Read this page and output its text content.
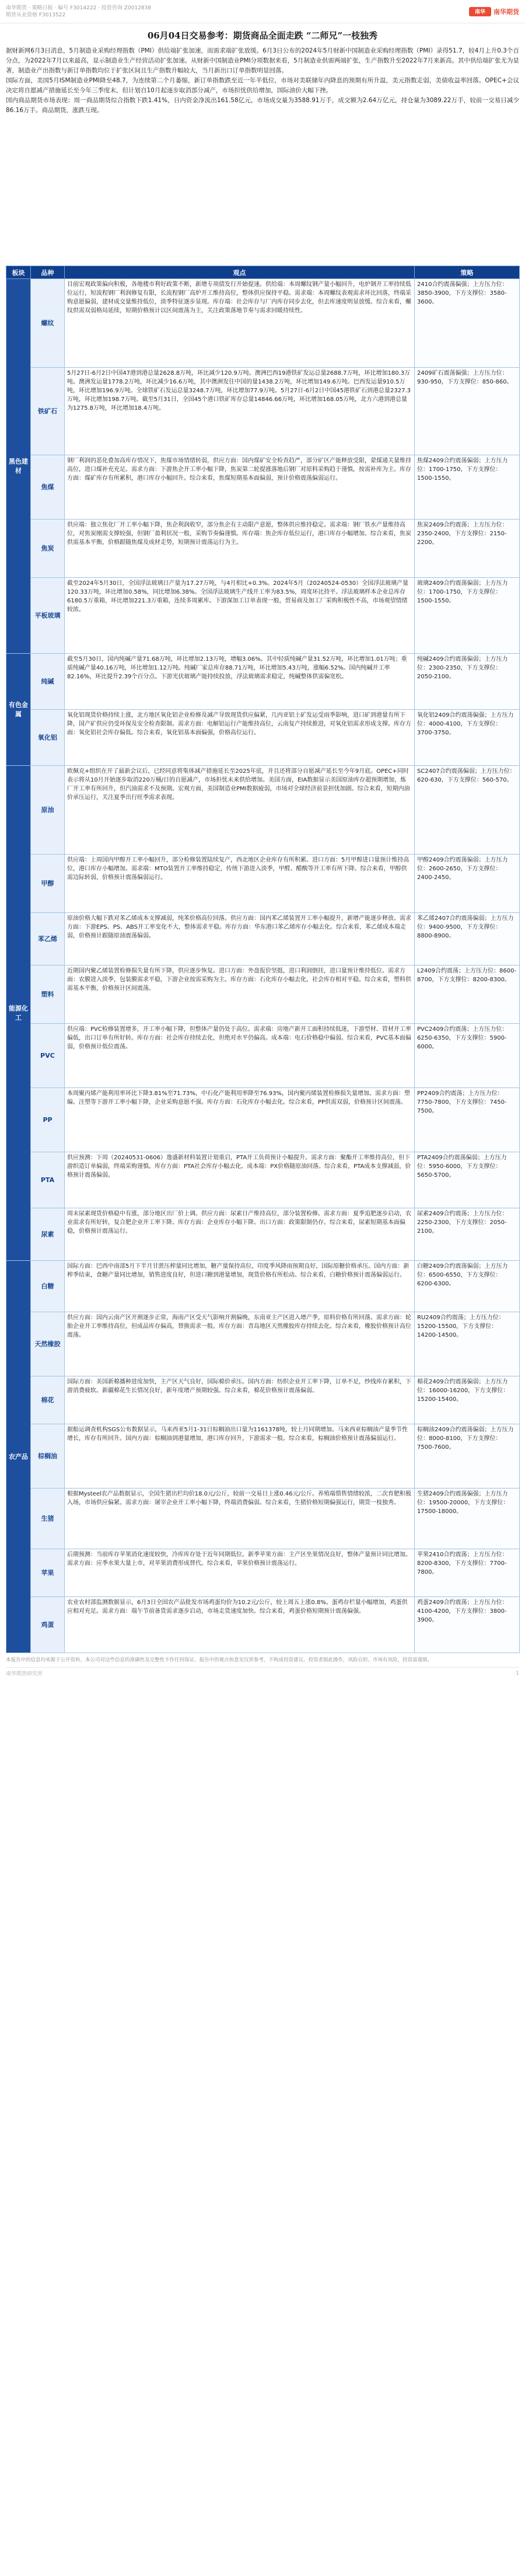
南华期货 · 策略日报 · 编号 F3014222 · 投资咨询 Z0012838
期货从业资格 F3013522	南华	南华期货
06月04日交易参考：期货商品全面走跌 “二师兄”一枝独秀

据财新网6月3日消息，5月制造业采购经理指数（PMI）供给端扩张加速，而需求端扩张放缓。6月3日公布的2024年5月财新中国制造业采购经理指数（PMI）录得51.7，较4月上升0.3个百分点，为2022年7月以来最高，显示制造业生产经营活动扩张加速。从财新中国制造业PMI分项数据来看，5月制造业供需两端扩张，生产指数升至2022年7月来新高。其中供给端扩张尤为显著，制造业产出指数与新订单指数均位于扩张区间且生产指数升幅较大，当月新出口订单指数明显回落。

国际方面，美国5月ISM制造业PMI降至48.7，为连续第二个月萎缩，新订单指数跌至近一年半低位，市场对美联储年内降息的预期有所升温，美元指数走弱，美债收益率回落。OPEC+会议决定将自愿减产措施延长至今年三季度末，但计划自10月起逐步取消部分减产，市场担忧供给增加，国际油价大幅下挫。

国内商品期货市场表现：周一商品期货综合指数下跌1.41%，日内资金净流出161.58亿元，市场成交量为3588.91万手，成交额为2.64万亿元，持仓量为3089.22万手，较前一交易日减少86.16万手。商品期货，涨跌互现。

板块	品种	观点	策略
黑色建材	螺纹	目前宏观政策偏向积极，各地楼市利好政策不断，新增专项债发行开始提速。供给端：本周螺纹钢产量小幅回升，电炉钢开工率持续低位运行，短流程钢厂利润修复有限，长流程钢厂高炉开工维持高位，整体供应保持平稳。需求端：本周螺纹表观需求环比回落，终端采购意愿偏弱，建材成交量维持低位，淡季特征逐步显现。库存端：社会库存与厂内库存同步去化，但去库速度明显放缓。综合来看，螺纹供需双弱格局延续，短期价格预计以区间震荡为主，关注政策落地节奏与需求回暖持续性。	2410合约震荡偏强；上方压力位：3850-3900，下方支撑位：3580-3600。

	铁矿石	5月27日-6月2日中国47港到港总量2628.8万吨，环比减少120.9万吨。澳洲巴西19港铁矿发运总量2688.7万吨，环比增加180.3万吨。澳洲发运量1778.2万吨，环比减少16.6万吨，其中澳洲发往中国的量1438.2万吨，环比增加149.6万吨。巴西发运量910.5万吨，环比增加196.9万吨。全球铁矿石发运总量3248.7万吨，环比增加77.9万吨。5月27日-6月2日中国45港铁矿石到港总量2327.3万吨，环比增加198.7万吨。截至5月31日，全国45个港口铁矿库存总量14846.66万吨，环比增加168.05万吨，北方六港到港总量为1275.8万吨，环比增加18.4万吨。	2409矿石震荡偏强；上方压力位：930-950，下方支撑位：850-860。

	焦煤	钢厂利润的恶化叠加高库存情况下，焦煤市场情绪转弱，供应方面：国内煤矿安全检查趋严，部分矿区产能释放受限，蒙煤通关量维持高位，进口煤补充充足。需求方面：下游焦企开工率小幅下降，焦炭第二轮提涨落地后钢厂对原料采购趋于谨慎，按需补库为主。库存方面：煤矿库存有所累积，港口库存小幅回升。综合来看，焦煤短期基本面偏弱，预计价格震荡偏弱运行。	焦煤2409合约震荡偏弱；上方压力位：1700-1750，下方支撑位：1500-1550。

	焦炭	供应端：独立焦化厂开工率小幅下降，焦企利润收窄，部分焦企有主动限产意愿，整体供应维持稳定。需求端：钢厂铁水产量维持高位，对焦炭刚需支撑较强，但钢厂盈利状况一般，采购节奏偏谨慎。库存端：焦企库存低位运行，港口库存小幅增加。综合来看，焦炭供需基本平衡，价格跟随焦煤及成材走势，短期预计震荡运行为主。	焦炭2409合约震荡；上方压力位：2350-2400，下方支撑位：2150-2200。

	平板玻璃	截至2024年5月30日，全国浮法玻璃日产量为17.27万吨，与4月相比+0.3%。2024年5月（20240524-0530）全国浮法玻璃产量120.33万吨，环比增加0.58%，同比增加6.38%。全国浮法玻璃生产线开工率为83.5%，周度环比持平。浮法玻璃样本企业总库存6180.5万重箱，环比增加221.3万重箱，连续多周累库。下游深加工订单表现一般，贸易商及加工厂采购积极性不高，市场观望情绪较浓。	玻璃2409合约震荡偏弱；上方压力位：1700-1750，下方支撑位：1500-1550。

有色金属	纯碱	截至5月30日，国内纯碱产量71.68万吨，环比增加2.13万吨，增幅3.06%。其中轻质纯碱产量31.52万吨，环比增加1.01万吨；重质纯碱产量40.16万吨，环比增加1.12万吨。纯碱厂家总库存88.71万吨，环比增加5.43万吨，涨幅6.52%。国内纯碱开工率82.16%，环比提升2.39个百分点。下游光伏玻璃产能持续投放，浮法玻璃需求稳定，纯碱整体供需偏宽松。	纯碱2409合约震荡偏弱；上方压力位：2300-2350，下方支撑位：2050-2100。

	氧化铝	氧化铝现货价格持续上涨，北方地区氧化铝企业检修及减产导致现货供应偏紧，几内亚铝土矿发运受雨季影响，进口矿到港量有所下降，国产矿供应仍受环保及安全检查限制。需求方面：电解铝运行产能维持高位，云南复产持续推进，对氧化铝需求形成支撑。库存方面：氧化铝社会库存偏低。综合来看，氧化铝基本面偏强，价格高位运行。	氧化铝2409合约震荡偏强；上方压力位：4000-4100，下方支撑位：3700-3750。

能源化工	原油	欧佩克+组织在开了最新会议后，已经同意将集体减产措施延长至2025年底，并且还将部分自愿减产延长至今年9月底。OPEC+同时表示将从10月开始逐步取消220万桶/日的自愿减产，市场担忧未来供给增加。美国方面，EIA数据显示美国原油库存超预期增加，炼厂开工率有所回升，但汽油需求不及预期。宏观方面，美国制造业PMI数据疲弱，市场对全球经济前景担忧加剧。综合来看，短期内油价承压运行，关注夏季出行旺季需求表现。	SC2407合约震荡偏弱；上方压力位：620-630，下方支撑位：560-570。

	甲醇	供应端：上周国内甲醇开工率小幅回升，部分检修装置陆续复产，西北地区企业库存有所积累。进口方面：5月甲醇进口量预计维持高位，港口库存小幅增加。需求端：MTO装置开工率维持稳定，传统下游进入淡季，甲醛、醋酸等开工率有所下降。综合来看，甲醇供需边际转弱，价格预计震荡偏弱运行。	甲醇2409合约震荡偏弱；上方压力位：2600-2650，下方支撑位：2400-2450。

	苯乙烯	原油价格大幅下跌对苯乙烯成本支撑减弱，纯苯价格高位回落。供应方面：国内苯乙烯装置开工率小幅提升，新增产能逐步释放。需求方面：下游EPS、PS、ABS开工率变化不大，整体需求平稳。库存方面：华东港口苯乙烯库存小幅去化。综合来看，苯乙烯成本端走弱，价格预计跟随原油震荡偏弱。	苯乙烯2407合约震荡偏弱；上方压力位：9400-9500，下方支撑位：8800-8900。

	塑料	近期国内聚乙烯装置检修损失量有所下降，供应逐步恢复。进口方面：外盘报价坚挺，进口利润倒挂，进口量预计维持低位。需求方面：农膜进入淡季，包装膜需求平稳，下游企业按需采购为主。库存方面：石化库存小幅去化，社会库存相对平稳。综合来看，塑料供需基本平衡，价格预计区间震荡。	L2409合约震荡；上方压力位：8600-8700，下方支撑位：8200-8300。

	PVC	供应端：PVC检修装置增多，开工率小幅下降，但整体产量仍处于高位。需求端：房地产新开工面积持续低迷，下游型材、管材开工率偏低，出口订单有所好转。库存方面：社会库存持续去化，但绝对水平仍偏高。成本端：电石价格稳中偏弱。综合来看，PVC基本面偏弱，价格预计低位震荡。	PVC2409合约震荡；上方压力位：6250-6350，下方支撑位：5900-6000。

	PP	本周聚丙烯产能利用率环比下降3.81%至71.73%，中石化产能利用率降至76.93%，国内聚丙烯装置检修损失量增加。需求方面：塑编、注塑等下游开工率小幅下降，企业采购意愿不强。库存方面：石化库存小幅去化。综合来看，PP供需双弱，价格预计区间震荡。	PP2409合约震荡；上方压力位：7750-7800，下方支撑位：7450-7500。

	PTA	供应预测：下周（20240531-0606）逸盛新材料装置计划重启，PTA开工负荷预计小幅提升。需求方面：聚酯开工率维持高位，但下游织造订单偏弱，终端采购谨慎。库存方面：PTA社会库存小幅去化。成本端：PX价格随原油回落。综合来看，PTA成本支撑减弱，价格预计震荡偏弱。	PTA2409合约震荡偏弱；上方压力位：5950-6000，下方支撑位：5650-5700。

	尿素	周末尿素现货价格稳中有涨，部分地区出厂价上调。供应方面：尿素日产维持高位，部分装置检修。需求方面：夏季追肥逐步启动，农业需求有所好转，复合肥企业开工率下降。库存方面：企业库存小幅下降。出口方面：政策限制仍存。综合来看，尿素短期基本面偏稳，价格预计震荡运行。	尿素2409合约震荡；上方压力位：2250-2300，下方支撑位：2050-2100。

农产品	白糖	国际方面：巴西中南部5月下半月甘蔗压榨量同比增加，糖产量保持高位，印度季风降雨预期良好，国际原糖价格承压。国内方面：新榨季结束，食糖产量同比增加，销售进度良好，但进口糖到港量增加，现货价格有所松动。综合来看，白糖价格预计震荡偏弱运行。	白糖2409合约震荡偏弱；上方压力位：6500-6550，下方支撑位：6200-6300。

	天然橡胶	供应方面：国内云南产区开割逐步正常，海南产区受天气影响开割偏晚，东南亚主产区进入增产季，原料价格有所回落。需求方面：轮胎企业开工率维持高位，但成品库存偏高，替换需求一般。库存方面：青岛地区天然橡胶库存持续去化。综合来看，橡胶价格预计高位震荡。	RU2409合约震荡；上方压力位：15200-15500，下方支撑位：14200-14500。

	棉花	国际方面：美国新棉播种进度加快，主产区天气良好，国际棉价承压。国内方面：纺织企业开工率下降，订单不足，纱线库存累积，下游消费疲软。新疆棉花生长情况良好，新年度增产预期较强。综合来看，棉花价格预计震荡偏弱。	棉花2409合约震荡偏弱；上方压力位：16000-16200，下方支撑位：15200-15400。

	棕榈油	据船运调查机构SGS公布数据显示，马来西亚5月1-31日棕榈油出口量为1161378吨，较上月同期增加。马来西亚棕榈油产量季节性增长，库存有所回升。国内方面：棕榈油到港量增加，港口库存回升，下游需求一般。综合来看，棕榈油价格预计震荡偏弱运行。	棕榈油2409合约震荡偏弱；上方压力位：8000-8100，下方支撑位：7500-7600。

	生猪	根据Mysteel农产品数据显示，全国生猪出栏均价18.0元/公斤，较前一交易日上涨0.46元/公斤。养殖端惜售情绪较浓，二次育肥积极入场，市场供应偏紧。需求方面：屠宰企业开工率小幅下降，终端消费偏弱。综合来看，生猪价格短期偏强运行，期货一枝独秀。	生猪2409合约震荡偏强；上方压力位：19500-20000，下方支撑位：17500-18000。

	苹果	后期预测：当前库存苹果消化速度较快，冷库库存处于近年同期低位。新季苹果方面：主产区坐果情况良好，整体产量预计同比增加。需求方面：应季水果大量上市，对苹果消费形成替代。综合来看，苹果价格预计震荡运行。	苹果2410合约震荡；上方压力位：8200-8300，下方支撑位：7700-7800。

	鸡蛋	农业农村部监测数据显示，6月3日全国农产品批发市场鸡蛋均价为10.2元/公斤，较上周五上涨0.8%。蛋鸡存栏量小幅增加，鸡蛋供应相对充足。需求方面：端午节前备货需求逐步启动，市场走货速度加快。综合来看，鸡蛋价格短期预计震荡偏强。	鸡蛋2409合约震荡；上方压力位：4100-4200，下方支撑位：3800-3900。
本报告中的信息均来源于公开资料，本公司对这些信息的准确性及完整性不作任何保证。报告中的观点和意见仅供参考，不构成投资建议，投资者据此操作，风险自担。市场有风险，投资需谨慎。
南华期货研究所	1
